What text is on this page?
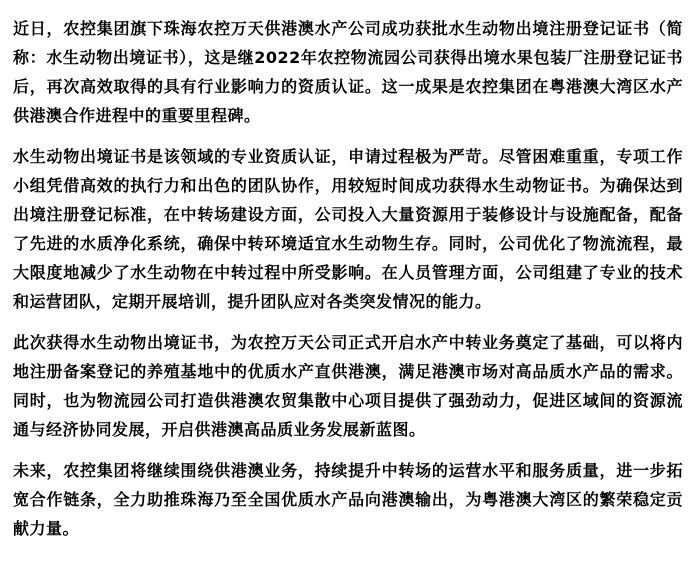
近日，农控集团旗下珠海农控万天供港澳水产公司成功获批水生动物出境注册登记证书（简称：水生动物出境证书），这是继2022年农控物流园公司获得出境水果包装厂注册登记证书后，再次高效取得的具有行业影响力的资质认证。这一成果是农控集团在粤港澳大湾区水产供港澳合作进程中的重要里程碑。

水生动物出境证书是该领域的专业资质认证，申请过程极为严苛。尽管困难重重，专项工作小组凭借高效的执行力和出色的团队协作，用较短时间成功获得水生动物证书。为确保达到出境注册登记标准，在中转场建设方面，公司投入大量资源用于装修设计与设施配备，配备了先进的水质净化系统，确保中转环境适宜水生动物生存。同时，公司优化了物流流程，最大限度地减少了水生动物在中转过程中所受影响。在人员管理方面，公司组建了专业的技术和运营团队，定期开展培训，提升团队应对各类突发情况的能力。

此次获得水生动物出境证书，为农控万天公司正式开启水产中转业务奠定了基础，可以将内地注册备案登记的养殖基地中的优质水产直供港澳，满足港澳市场对高品质水产品的需求。同时，也为物流园公司打造供港澳农贸集散中心项目提供了强劲动力，促进区域间的资源流通与经济协同发展，开启供港澳高品质业务发展新蓝图。

未来，农控集团将继续围绕供港澳业务，持续提升中转场的运营水平和服务质量，进一步拓宽合作链条，全力助推珠海乃至全国优质水产品向港澳输出，为粤港澳大湾区的繁荣稳定贡献力量。
